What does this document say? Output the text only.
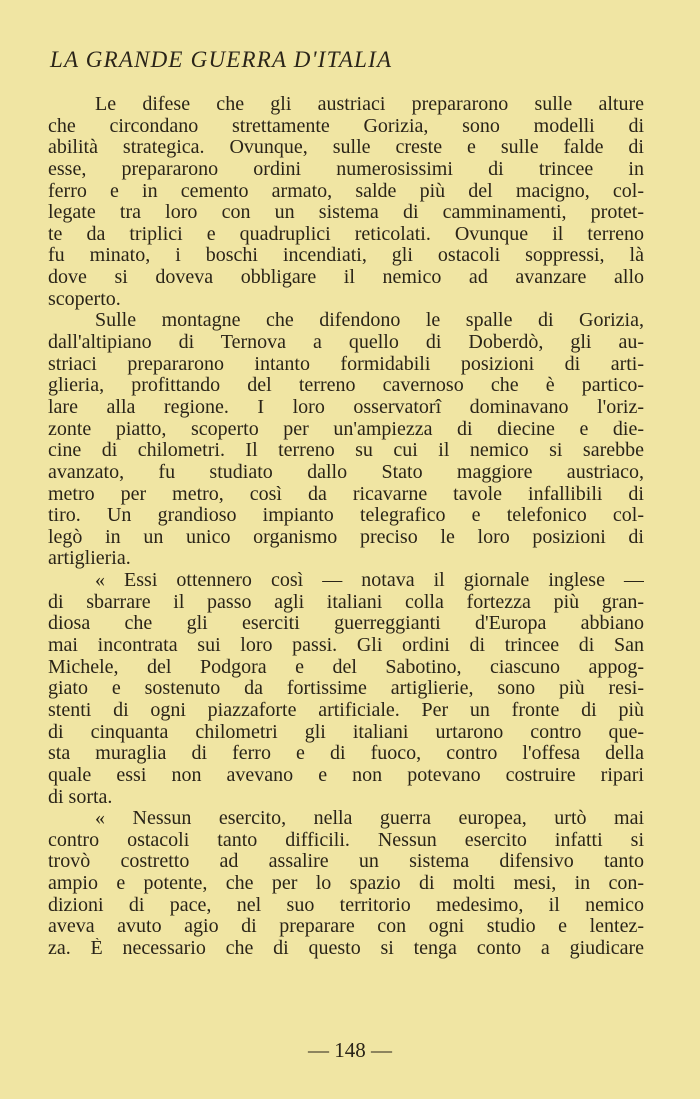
LA GRANDE GUERRA D'ITALIA
Le difese che gli austriaci prepararono sulle alture
che circondano strettamente Gorizia, sono modelli di
abilità strategica. Ovunque, sulle creste e sulle falde di
esse, prepararono ordini numerosissimi di trincee in
ferro e in cemento armato, salde più del macigno, col-
legate tra loro con un sistema di camminamenti, protet-
te da triplici e quadruplici reticolati. Ovunque il terreno
fu minato, i boschi incendiati, gli ostacoli soppressi, là
dove si doveva obbligare il nemico ad avanzare allo
scoperto.
Sulle montagne che difendono le spalle di Gorizia,
dall'altipiano di Ternova a quello di Doberdò, gli au-
striaci prepararono intanto formidabili posizioni di arti-
glieria, profittando del terreno cavernoso che è partico-
lare alla regione. I loro osservatorî dominavano l'oriz-
zonte piatto, scoperto per un'ampiezza di diecine e die-
cine di chilometri. Il terreno su cui il nemico si sarebbe
avanzato, fu studiato dallo Stato maggiore austriaco,
metro per metro, così da ricavarne tavole infallibili di
tiro. Un grandioso impianto telegrafico e telefonico col-
legò in un unico organismo preciso le loro posizioni di
artiglieria.
« Essi ottennero così — notava il giornale inglese —
di sbarrare il passo agli italiani colla fortezza più gran-
diosa che gli eserciti guerreggianti d'Europa abbiano
mai incontrata sui loro passi. Gli ordini di trincee di San
Michele, del Podgora e del Sabotino, ciascuno appog-
giato e sostenuto da fortissime artiglierie, sono più resi-
stenti di ogni piazzaforte artificiale. Per un fronte di più
di cinquanta chilometri gli italiani urtarono contro que-
sta muraglia di ferro e di fuoco, contro l'offesa della
quale essi non avevano e non potevano costruire ripari
di sorta.
« Nessun esercito, nella guerra europea, urtò mai
contro ostacoli tanto difficili. Nessun esercito infatti si
trovò costretto ad assalire un sistema difensivo tanto
ampio e potente, che per lo spazio di molti mesi, in con-
dizioni di pace, nel suo territorio medesimo, il nemico
aveva avuto agio di preparare con ogni studio e lentez-
za. È necessario che di questo si tenga conto a giudicare
— 148 —
